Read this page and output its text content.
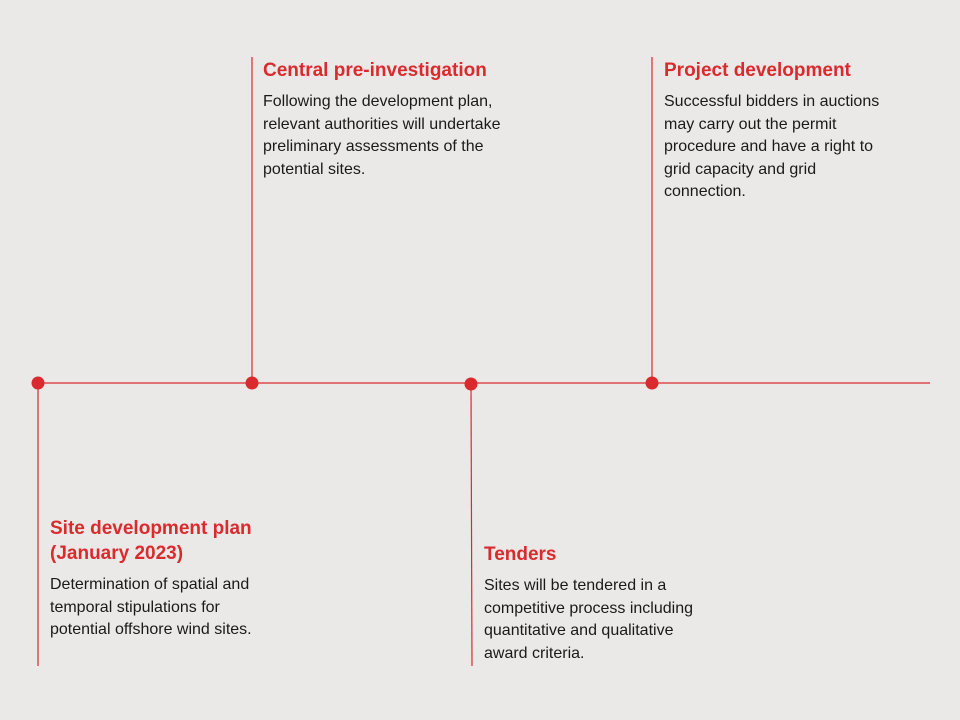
Central pre-investigation
Following the development plan, relevant authorities will undertake preliminary assessments of the potential sites.
Project development
Successful bidders in auctions may carry out the permit procedure and have a right to grid capacity and grid connection.
Site development plan (January 2023)
Determination of spatial and temporal stipulations for potential offshore wind sites.
Tenders
Sites will be tendered in a competitive process including quantitative and qualitative award criteria.
